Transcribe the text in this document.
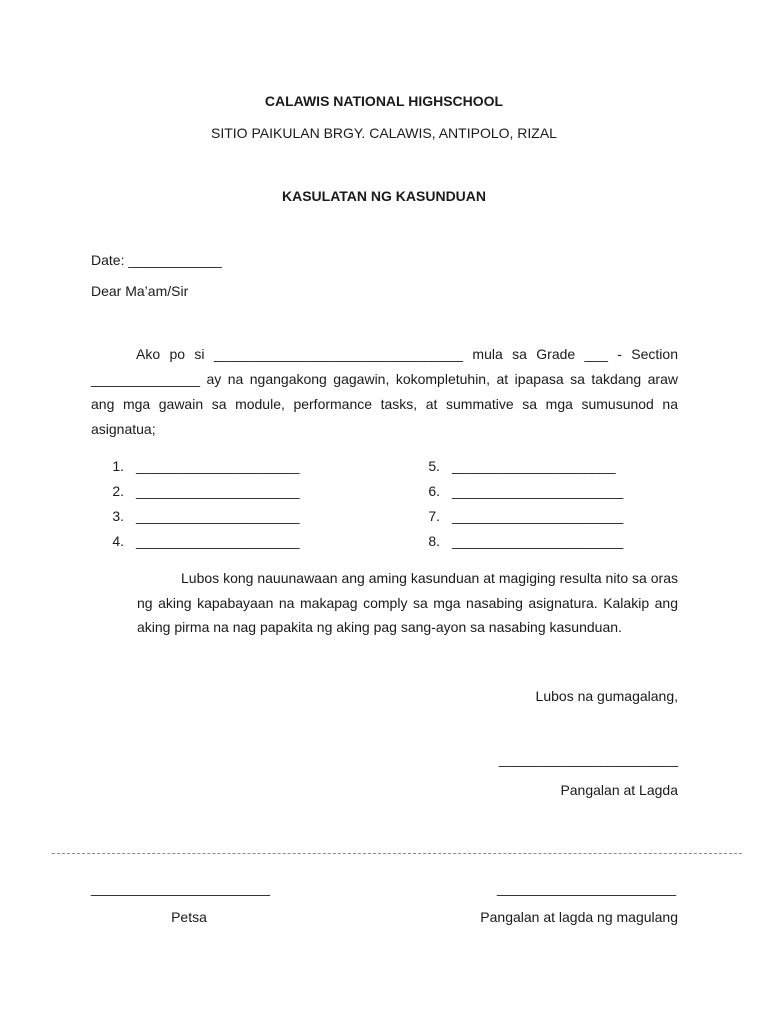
CALAWIS NATIONAL HIGHSCHOOL
SITIO PAIKULAN BRGY. CALAWIS, ANTIPOLO, RIZAL
KASULATAN NG KASUNDUAN
Date: ____________
Dear Ma’am/Sir
Ako po si ________________________________ mula sa Grade ___ - Section
______________ ay na ngangakong gagawin, kokompletuhin, at ipapasa sa takdang araw
ang mga gawain sa module, performance tasks, at summative sa mga sumusunod na
asignatua;
1. _____________________
2. _____________________
3. _____________________
4. _____________________
5. _____________________
6. ______________________
7. ______________________
8. ______________________
Lubos kong nauunawaan ang aming kasunduan at magiging resulta nito sa oras
ng aking kapabayaan na makapag comply sa mga nasabing asignatura. Kalakip ang
aking pirma na nag papakita ng aking pag sang-ayon sa nasabing kasunduan.
Lubos na gumagalang,
_______________________
Pangalan at Lagda
_______________________
Petsa
_______________________
Pangalan at lagda ng magulang
